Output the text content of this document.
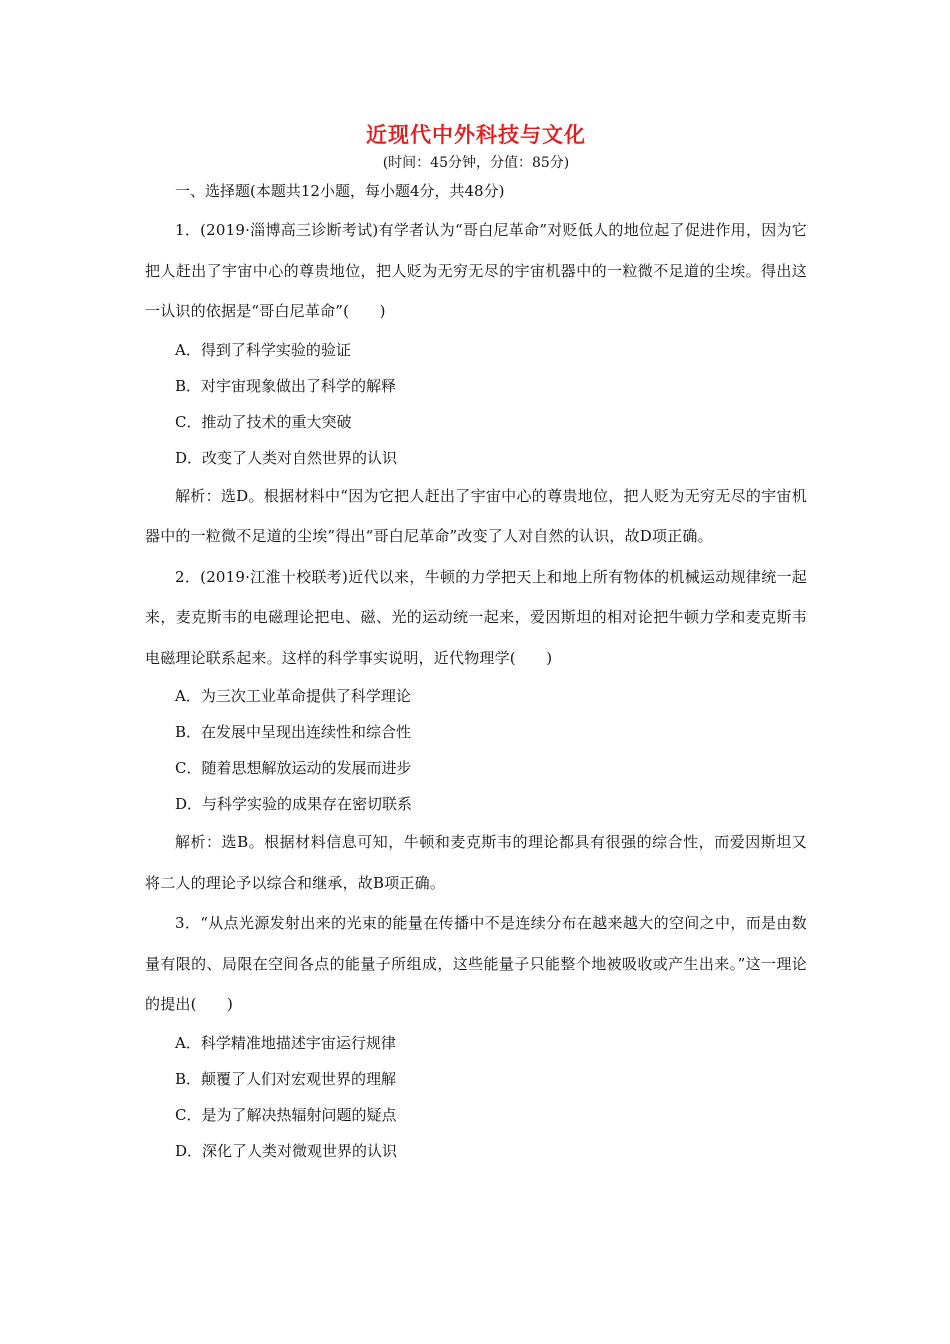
近现代中外科技与文化

(时间：45分钟，分值：85分)

一、选择题(本题共12小题，每小题4分，共48分)

1．(2019·淄博高三诊断考试)有学者认为“哥白尼革命”对贬低人的地位起了促进作用，因为它把人赶出了宇宙中心的尊贵地位，把人贬为无穷无尽的宇宙机器中的一粒微不足道的尘埃。得出这一认识的依据是“哥白尼革命”(　　)

A．得到了科学实验的验证

B．对宇宙现象做出了科学的解释

C．推动了技术的重大突破

D．改变了人类对自然世界的认识

解析：选D。根据材料中“因为它把人赶出了宇宙中心的尊贵地位，把人贬为无穷无尽的宇宙机器中的一粒微不足道的尘埃”得出“哥白尼革命”改变了人对自然的认识，故D项正确。

2．(2019·江淮十校联考)近代以来，牛顿的力学把天上和地上所有物体的机械运动规律统一起来，麦克斯韦的电磁理论把电、磁、光的运动统一起来，爱因斯坦的相对论把牛顿力学和麦克斯韦电磁理论联系起来。这样的科学事实说明，近代物理学(　　)

A．为三次工业革命提供了科学理论

B．在发展中呈现出连续性和综合性

C．随着思想解放运动的发展而进步

D．与科学实验的成果存在密切联系

解析：选B。根据材料信息可知，牛顿和麦克斯韦的理论都具有很强的综合性，而爱因斯坦又将二人的理论予以综合和继承，故B项正确。

3．“从点光源发射出来的光束的能量在传播中不是连续分布在越来越大的空间之中，而是由数量有限的、局限在空间各点的能量子所组成，这些能量子只能整个地被吸收或产生出来。”这一理论的提出(　　)

A．科学精准地描述宇宙运行规律

B．颠覆了人们对宏观世界的理解

C．是为了解决热辐射问题的疑点

D．深化了人类对微观世界的认识
